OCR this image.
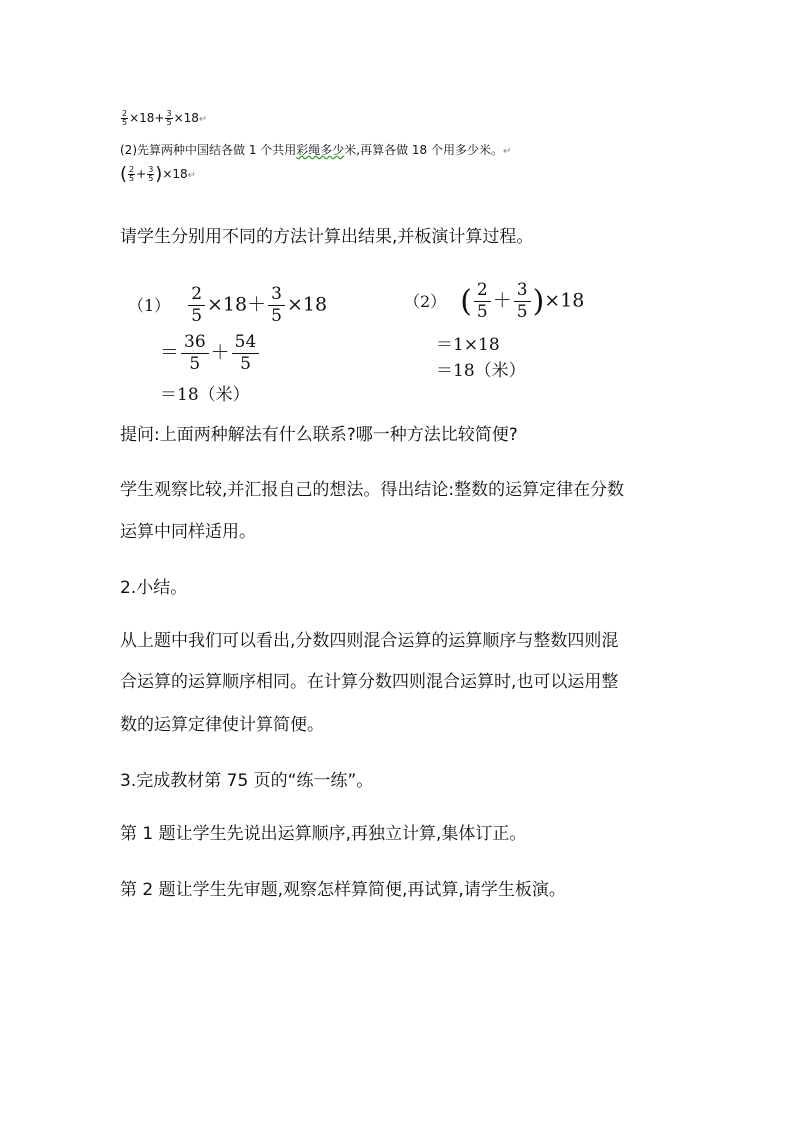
$\frac{2}{5} \times 18+ \frac{3}{5}$ ×18↵
(2)先算两种中国结各做 1 个共用彩绳多少米,再算各做 18 个用多少米。↵
( $\frac{2}{5} + \frac{3}{5}$ )×18↵
请学生分别用不同的方法计算出结果,并板演计算过程。
$(1) \frac{2}{5} \times 18+ \frac{3}{5} \times 18$
＝ $\frac{36}{5} + \frac{54}{5}$
＝18（米）
（2） ( $\frac{2}{5} + \frac{3}{5} )\times 18$
＝1×18
＝18（米）
提问:上面两种解法有什么联系?哪一种方法比较简便?
学生观察比较,并汇报自己的想法。得出结论:整数的运算定律在分数
运算中同样适用。
2.小结。
从上题中我们可以看出,分数四则混合运算的运算顺序与整数四则混
合运算的运算顺序相同。在计算分数四则混合运算时,也可以运用整
数的运算定律使计算简便。
3.完成教材第 75 页的“练一练”。
第 1 题让学生先说出运算顺序,再独立计算,集体订正。
第 2 题让学生先审题,观察怎样算简便,再试算,请学生板演。
